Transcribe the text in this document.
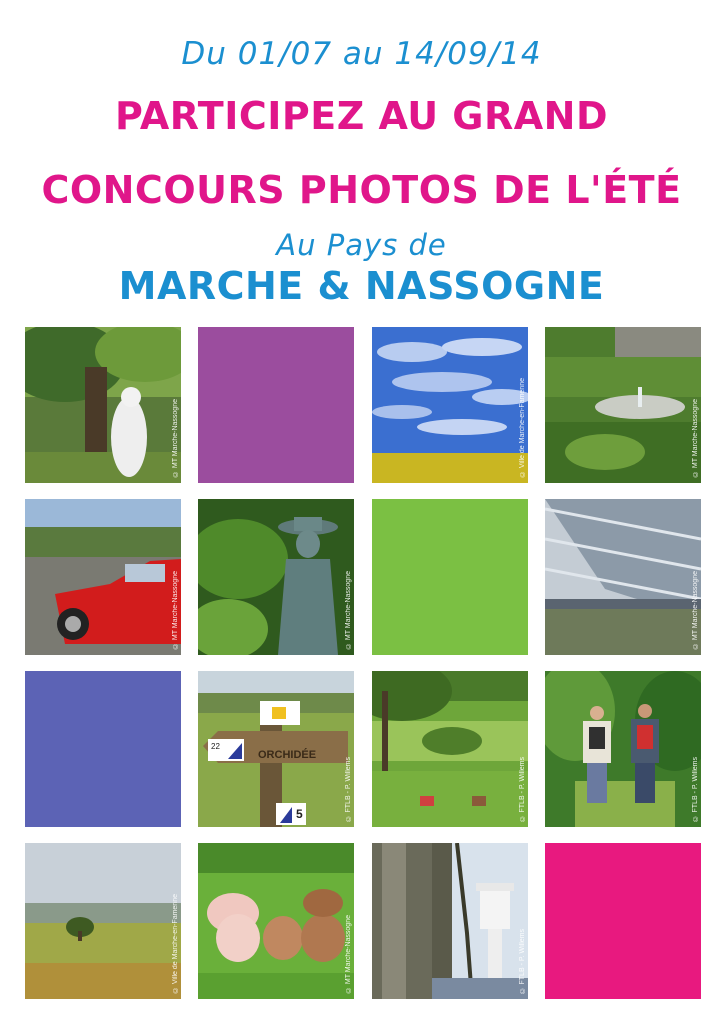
Du 01/07 au 14/09/14
PARTICIPEZ AU GRAND
CONCOURS PHOTOS DE L'ÉTÉ
Au Pays de
MARCHE & NASSOGNE
© MT Marche-Nassogne	© Ville de Marche-en-Famenne	© MT Marche-Nassogne
© MT Marche-Nassogne	© MT Marche-Nassogne	© MT Marche-Nassogne
ORCHIDÉE
22
5	© FTLB - P. Willems	© FTLB - P. Willems	© FTLB - P. Willems
© Ville de Marche-en-Famenne	© MT Marche-Nassogne	© FTLB - P. Willems
